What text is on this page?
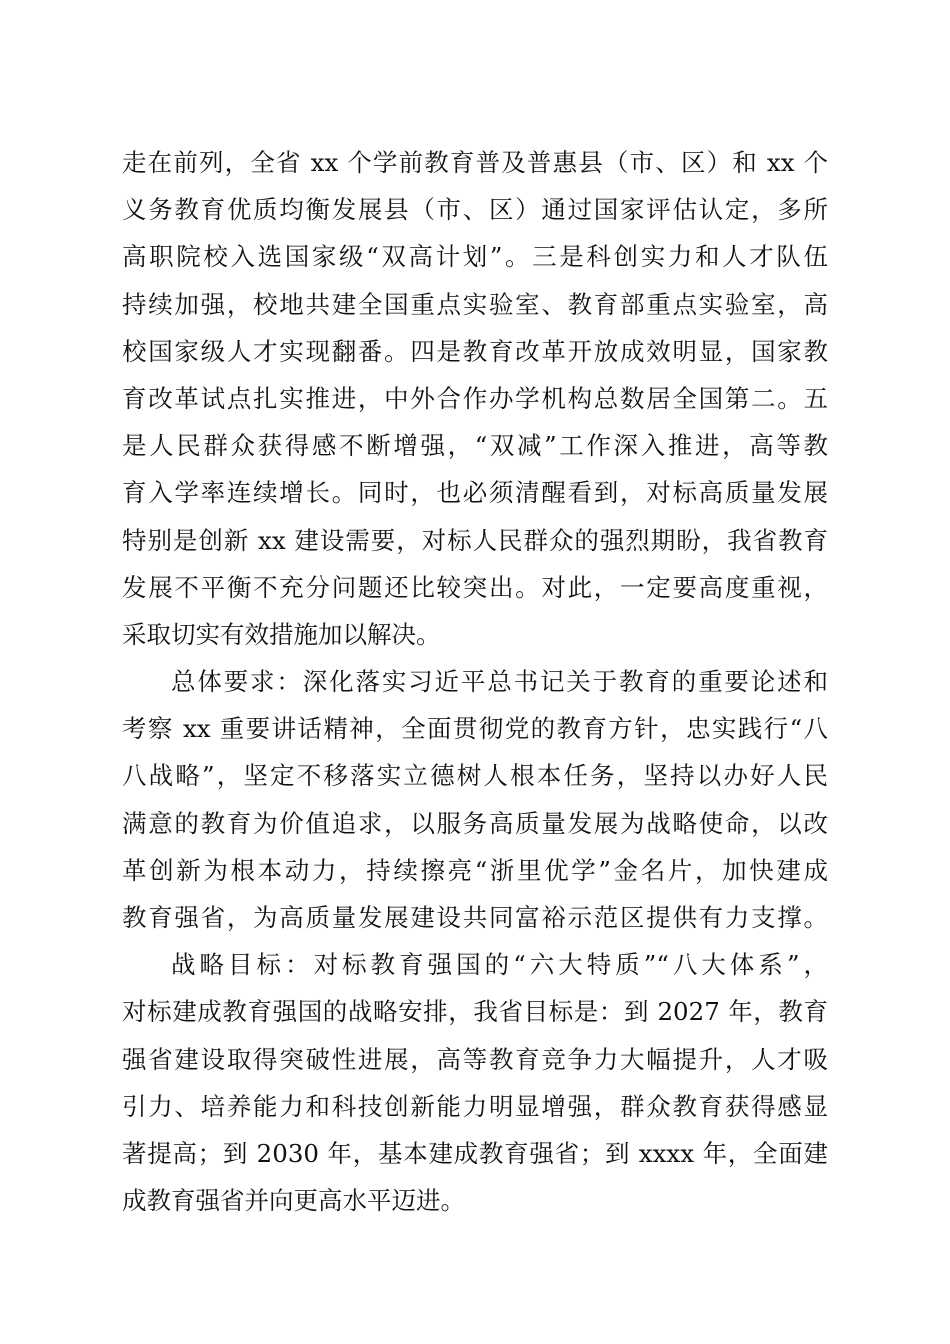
走在前列，全省 xx 个学前教育普及普惠县（市、区）和 xx 个
义务教育优质均衡发展县（市、区）通过国家评估认定，多所
高职院校入选国家级“双高计划”。三是科创实力和人才队伍
持续加强，校地共建全国重点实验室、教育部重点实验室，高
校国家级人才实现翻番。四是教育改革开放成效明显，国家教
育改革试点扎实推进，中外合作办学机构总数居全国第二。五
是人民群众获得感不断增强，“双减”工作深入推进，高等教
育入学率连续增长。同时，也必须清醒看到，对标高质量发展
特别是创新 xx 建设需要，对标人民群众的强烈期盼，我省教育
发展不平衡不充分问题还比较突出。对此，一定要高度重视，
采取切实有效措施加以解决。
总体要求：深化落实习近平总书记关于教育的重要论述和
考察 xx 重要讲话精神，全面贯彻党的教育方针，忠实践行“八
八战略”，坚定不移落实立德树人根本任务，坚持以办好人民
满意的教育为价值追求，以服务高质量发展为战略使命，以改
革创新为根本动力，持续擦亮“浙里优学”金名片，加快建成
教育强省，为高质量发展建设共同富裕示范区提供有力支撑。
战略目标：对标教育强国的“六大特质”“八大体系”，
对标建成教育强国的战略安排，我省目标是：到 2027 年，教育
强省建设取得突破性进展，高等教育竞争力大幅提升，人才吸
引力、培养能力和科技创新能力明显增强，群众教育获得感显
著提高；到 2030 年，基本建成教育强省；到 xxxx 年，全面建
成教育强省并向更高水平迈进。
